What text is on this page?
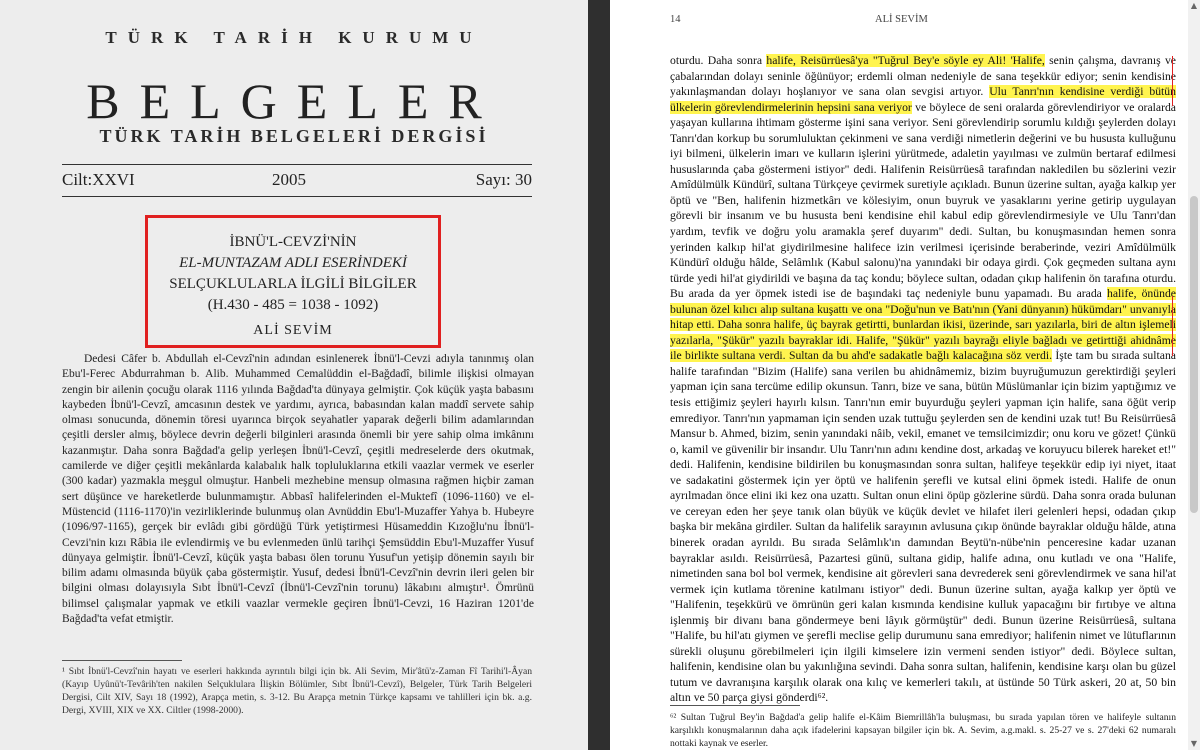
TÜRK TARİH KURUMU
BELGELER
TÜRK TARİH BELGELERİ DERGİSİ
Cilt:XXVI	2005	Sayı: 30
İBNÜ'L-CEVZİ'NİN
EL-MUNTAZAM ADLI ESERİNDEKİ
SELÇUKLULARLA İLGİLİ BİLGİLER
(H.430 - 485 = 1038 - 1092)
ALİ SEVİM

Dedesi Câfer b. Abdullah el-Cevzî'nin adından esinlenerek İbnü'l-Cevzi adıyla tanınmış olan Ebu'l-Ferec Abdurrahman b. Alib. Muhammed Cemalüddin el-Bağdadî, bilimle ilişkisi olmayan zengin bir ailenin çocuğu olarak 1116 yılında Bağdad'ta dünyaya gelmiştir. Çok küçük yaşta babasını kaybeden İbnü'l-Cevzî, amcasının destek ve yardımı, ayrıca, babasından kalan maddî servete sahip olması sonucunda, dönemin töresi uyarınca birçok seyahatler yaparak değerli bilim adamlarından çeşitli dersler almış, böylece devrin değerli bilginleri arasında önemli bir yere sahip olma imkânını kazanmıştır. Daha sonra Bağdad'a gelip yerleşen İbnü'l-Cevzî, çeşitli medreselerde ders okutmak, camilerde ve diğer çeşitli mekânlarda kalabalık halk topluluklarına etkili vaazlar vermek ve eserler (300 kadar) yazmakla meşgul olmuştur. Hanbeli mezhebine mensup olmasına rağmen hiçbir zaman sert düşünce ve hareketlerde bulunmamıştır. Abbasî halifelerinden el-Muktefî (1096-1160) ve el-Müstencid (1116-1170)'in vezirliklerinde bulunmuş olan Avnüddin Ebu'l-Muzaffer Yahya b. Hubeyre (1096/97-1165), gerçek bir evlâdı gibi gördüğü Türk yetiştirmesi Hüsameddin Kızoğlu'nu İbnü'l-Cevzi'nin kızı Râbia ile evlendirmiş ve bu evlenmeden ünlü tarihçi Şemsüddin Ebu'l-Muzaffer Yusuf dünyaya gelmiştir. İbnü'l-Cevzî, küçük yaşta babası ölen torunu Yusuf'un yetişip dönemin sayılı bir bilim adamı olmasında büyük çaba göstermiştir. Yusuf, dedesi İbnü'l-Cevzî'nin devrin ileri gelen bir bilgini olması dolayısıyla Sıbt İbnü'l-Cevzî (İbnü'l-Cevzî'nin torunu) lâkabını almıştır¹. Ömrünü bilimsel çalışmalar yapmak ve etkili vaazlar vermekle geçiren İbnü'l-Cevzi, 16 Haziran 1201'de Bağdad'ta vefat etmiştir.

¹ Sıbt İbnü'l-Cevzî'nin hayatı ve eserleri hakkında ayrıntılı bilgi için bk. Ali Sevim, Mir'âtü'z-Zaman Fî Tarihi'l-Âyan (Kayıp Uyûnü't-Tevârih'ten nakilen Selçuklulara İlişkin Bölümler, Sıbt İbnü'l-Cevzî), Belgeler, Türk Tarih Belgeleri Dergisi, Cilt XIV, Sayı 18 (1992), Arapça metin, s. 3-12. Bu Arapça metnin Türkçe kapsamı ve tahlilleri için bk. a.g. Dergi, XVIII, XIX ve XX. Ciltler (1998-2000).
14	ALİ SEVİM

oturdu. Daha sonra halife, Reisürrüesâ'ya "Tuğrul Bey'e söyle ey Ali! 'Halife, senin çalışma, davranış ve çabalarından dolayı seninle öğünüyor; erdemli olman nedeniyle de sana teşekkür ediyor; senin kendisine yakınlaşmandan dolayı hoşlanıyor ve sana olan sevgisi artıyor. Ulu Tanrı'nın kendisine verdiği bütün ülkelerin görevlendirmelerinin hepsini sana veriyor ve böylece de seni oralarda görevlendiriyor ve oralarda yaşayan kullarına ihtimam gösterme işini sana veriyor. Seni görevlendirip sorumlu kıldığı şeylerden dolayı Tanrı'dan korkup bu sorumluluktan çekinmeni ve sana verdiği nimetlerin değerini ve bu hususta kulluğunu iyi bilmeni, ülkelerin imarı ve kulların işlerini yürütmede, adaletin yayılması ve zulmün bertaraf edilmesi hususlarında çaba göstermeni istiyor" dedi. Halifenin Reisürrüesâ tarafından nakledilen bu sözlerini vezir Amîdülmülk Kündürî, sultana Türkçeye çevirmek suretiyle açıkladı. Bunun üzerine sultan, ayağa kalkıp yer öptü ve "Ben, halifenin hizmetkârı ve kölesiyim, onun buyruk ve yasaklarını yerine getirip uygulayan görevli bir insanım ve bu hususta beni kendisine ehil kabul edip görevlendirmesiyle ve Ulu Tanrı'dan yardım, tevfik ve doğru yolu aramakla şeref duyarım" dedi. Sultan, bu konuşmasından hemen sonra yerinden kalkıp hil'at giydirilmesine halifece izin verilmesi içerisinde beraberinde, veziri Amîdülmülk Kündürî olduğu hâlde, Selâmlık (Kabul salonu)'na yanındaki bir odaya girdi. Çok geçmeden sultana aynı türde yedi hil'at giydirildi ve başına da taç kondu; böylece sultan, odadan çıkıp halifenin ön tarafına oturdu. Bu arada da yer öpmek istedi ise de başındaki taç nedeniyle bunu yapamadı. Bu arada halife, önünde bulunan özel kılıcı alıp sultana kuşattı ve ona "Doğu'nun ve Batı'nın (Yani dünyanın) hükümdarı" unvanıyla hitap etti. Daha sonra halife, üç bayrak getirtti, bunlardan ikisi, üzerinde, sarı yazılarla, biri de altın işlemeli yazılarla, "Şükür" yazılı bayraklar idi. Halife, "Şükür" yazılı bayrağı eliyle bağladı ve getirttiği ahidnâme ile birlikte sultana verdi. Sultan da bu ahd'e sadakatle bağlı kalacağına söz verdi. İşte tam bu sırada sultana halife tarafından "Bizim (Halife) sana verilen bu ahidnâmemiz, bizim buyruğumuzun gerektirdiği şeyleri yapman için sana tercüme edilip okunsun. Tanrı, bize ve sana, bütün Müslümanlar için bizim yaptığımız ve tesis ettiğimiz şeyleri hayırlı kılsın. Tanrı'nın emir buyurduğu şeyleri yapman için halife, sana öğüt verip emrediyor. Tanrı'nın yapmaman için senden uzak tuttuğu şeylerden sen de kendini uzak tut! Bu Reisürrüesâ Mansur b. Ahmed, bizim, senin yanındaki nâib, vekil, emanet ve temsilcimizdir; onu koru ve gözet! Çünkü o, kamil ve güvenilir bir insandır. Ulu Tanrı'nın adını kendine dost, arkadaş ve koruyucu bilerek hareket et!" dedi. Halifenin, kendisine bildirilen bu konuşmasından sonra sultan, halifeye teşekkür edip iyi niyet, itaat ve sadakatini göstermek için yer öptü ve halifenin şerefli ve kutsal elini öpmek istedi. Halife de onun ayrılmadan önce elini iki kez ona uzattı. Sultan onun elini öpüp gözlerine sürdü. Daha sonra orada bulunan ve cereyan eden her şeye tanık olan büyük ve küçük devlet ve hilafet ileri gelenleri hepsi, odadan çıkıp başka bir mekâna girdiler. Sultan da halifelik sarayının avlusuna çıkıp önünde bayraklar olduğu hâlde, atına binerek oradan ayrıldı. Bu sırada Selâmlık'ın damından Beytü'n-nübe'nin penceresine kadar uzanan bayraklar asıldı. Reisürrüesâ, Pazartesi günü, sultana gidip, halife adına, onu kutladı ve ona "Halife, nimetinden sana bol bol vermek, kendisine ait görevleri sana devrederek seni görevlendirmek ve sana hil'at vermek için kutlama törenine katılmanı istiyor" dedi. Bunun üzerine sultan, ayağa kalkıp yer öptü ve "Halifenin, teşekkürü ve ömrünün geri kalan kısmında kendisine kulluk yapacağını bir fırtıbye ve altına işlenmiş bir divanı bana göndermeye beni lâyık görmüştür" dedi. Bunun üzerine Reisürrüesâ, sultana "Halife, bu hil'atı giymen ve şerefli meclise gelip durumunu sana emrediyor; halifenin nimet ve lütuflarının sürekli oluşunu görebilmeleri için ilgili kimselere izin vermeni senden istiyor" dedi. Böylece sultan, halifenin, kendisine olan bu yakınlığına sevindi. Daha sonra sultan, halifenin, kendisine karşı olan bu güzel tutum ve davranışına karşılık olarak ona kılıç ve kemerleri takılı, at üstünde 50 Türk askeri, 20 at, 50 bin altın ve 50 parça giysi gönderdi⁶².

⁶² Sultan Tuğrul Bey'in Bağdad'a gelip halife el-Kâim Biemrillâh'la buluşması, bu sırada yapılan tören ve halifeyle sultanın karşılıklı konuşmalarının daha açık ifadelerini kapsayan bilgiler için bk. A. Sevim, a.g.makl. s. 25-27 ve s. 27'deki 62 numaralı nottaki kaynak ve eserler.
▲
▼
